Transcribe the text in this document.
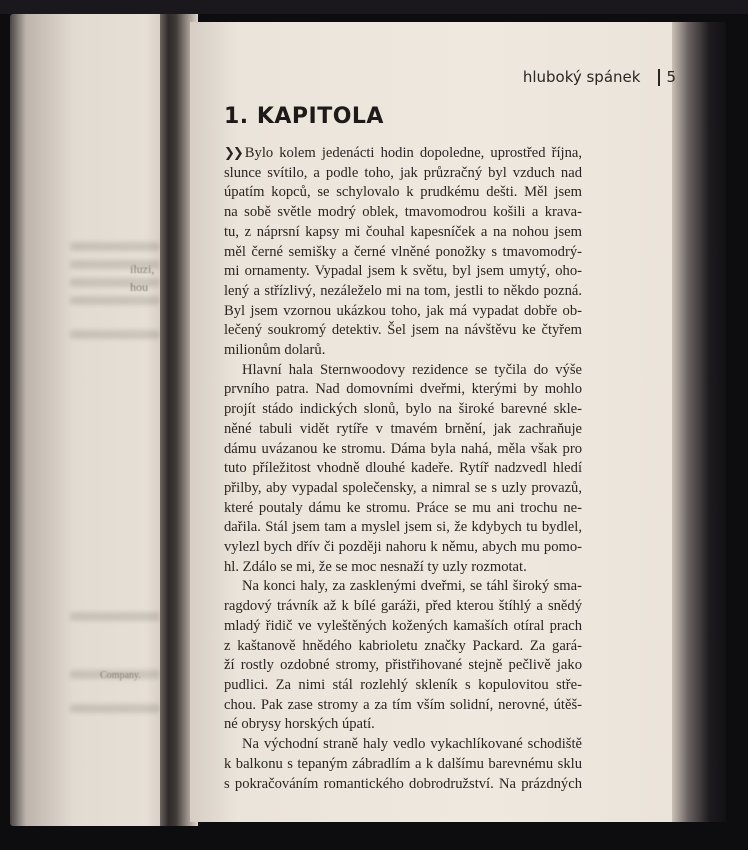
iluzi,
hou
Company.
hluboký spánek 5
1. KAPITOLA
❯❯ Bylo kolem jedenácti hodin dopoledne, uprostřed října,
slunce svítilo, a podle toho, jak průzračný byl vzduch nad
úpatím kopců, se schylovalo k prudkému dešti. Měl jsem
na sobě světle modrý oblek, tmavomodrou košili a krava-
tu, z náprsní kapsy mi čouhal kapesníček a na nohou jsem
měl černé semišky a černé vlněné ponožky s tmavomodrý-
mi ornamenty. Vypadal jsem k světu, byl jsem umytý, oho-
lený a střízlivý, nezáleželo mi na tom, jestli to někdo pozná.
Byl jsem vzornou ukázkou toho, jak má vypadat dobře ob-
lečený soukromý detektiv. Šel jsem na návštěvu ke čtyřem
milionům dolarů.
Hlavní hala Sternwoodovy rezidence se tyčila do výše
prvního patra. Nad domovními dveřmi, kterými by mohlo
projít stádo indických slonů, bylo na široké barevné skle-
něné tabuli vidět rytíře v tmavém brnění, jak zachraňuje
dámu uvázanou ke stromu. Dáma byla nahá, měla však pro
tuto příležitost vhodně dlouhé kadeře. Rytíř nadzvedl hledí
přilby, aby vypadal společensky, a nimral se s uzly provazů,
které poutaly dámu ke stromu. Práce se mu ani trochu ne-
dařila. Stál jsem tam a myslel jsem si, že kdybych tu bydlel,
vylezl bych dřív či později nahoru k němu, abych mu pomo-
hl. Zdálo se mi, že se moc nesnaží ty uzly rozmotat.
Na konci haly, za zasklenými dveřmi, se táhl široký sma-
ragdový trávník až k bílé garáži, před kterou štíhlý a snědý
mladý řidič ve vyleštěných kožených kamaších otíral prach
z kaštanově hnědého kabrioletu značky Packard. Za gará-
ží rostly ozdobné stromy, přistřihované stejně pečlivě jako
pudlici. Za nimi stál rozlehlý skleník s kopulovitou stře-
chou. Pak zase stromy a za tím vším solidní, nerovné, útěš-
né obrysy horských úpatí.
Na východní straně haly vedlo vykachlíkované schodiště
k balkonu s tepaným zábradlím a k dalšímu barevnému sklu
s pokračováním romantického dobrodružství. Na prázdných
